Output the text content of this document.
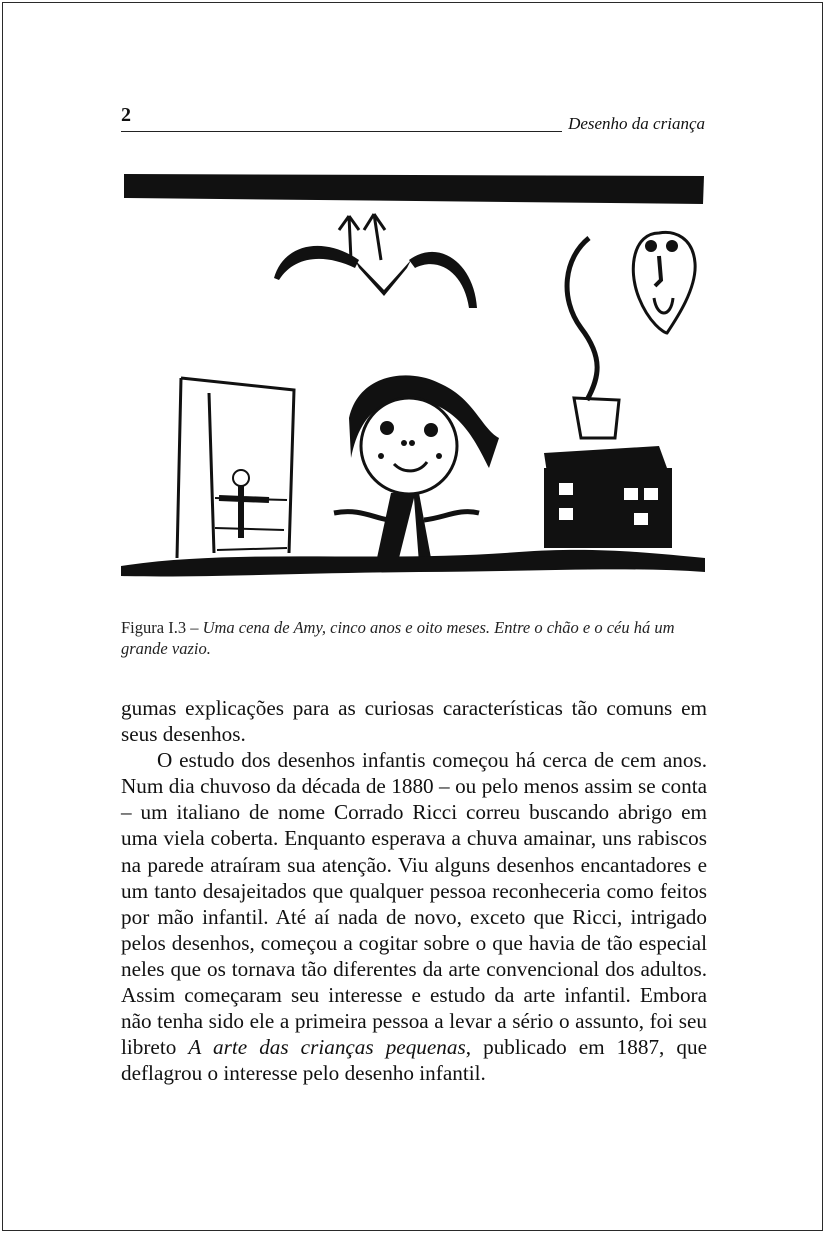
2	Desenho da criança
Figura I.3 – Uma cena de Amy, cinco anos e oito meses. Entre o chão e o céu há um grande vazio.

gumas explicações para as curiosas características tão comuns em seus desenhos.

O estudo dos desenhos infantis começou há cerca de cem anos. Num dia chuvoso da década de 1880 – ou pelo menos assim se conta – um italiano de nome Corrado Ricci correu buscando abrigo em uma viela coberta. Enquanto esperava a chuva amainar, uns rabiscos na parede atraíram sua atenção. Viu alguns desenhos encantadores e um tanto desajeitados que qualquer pessoa reconheceria como feitos por mão infantil. Até aí nada de novo, exceto que Ricci, intrigado pelos desenhos, começou a cogitar sobre o que havia de tão especial neles que os tornava tão diferentes da arte convencional dos adultos. Assim começaram seu interesse e estudo da arte infantil. Embora não tenha sido ele a primeira pessoa a levar a sério o assunto, foi seu libreto A arte das crianças pequenas, publicado em 1887, que deflagrou o interesse pelo desenho infantil.
